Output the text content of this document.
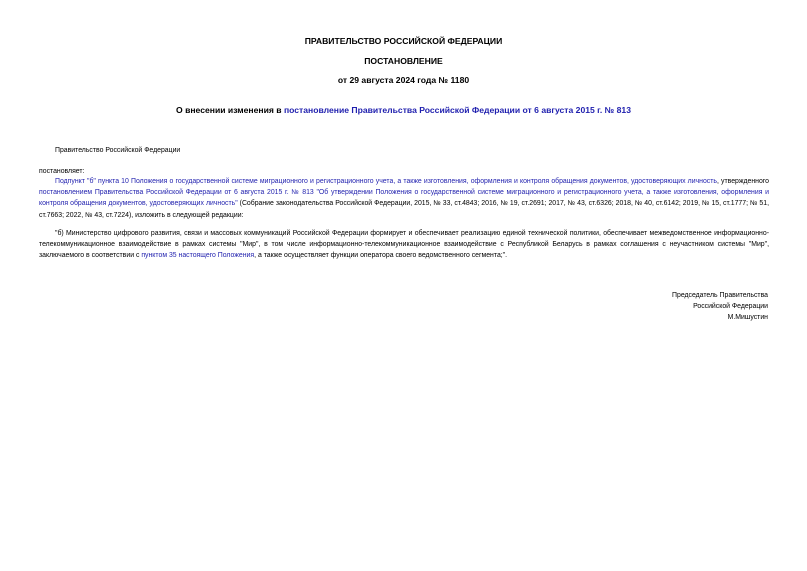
ПРАВИТЕЛЬСТВО РОССИЙСКОЙ ФЕДЕРАЦИИ
ПОСТАНОВЛЕНИЕ
от 29 августа 2024 года № 1180
О внесении изменения в постановление Правительства Российской Федерации от 6 августа 2015 г. № 813
Правительство Российской Федерации
постановляет:
Подпункт "б" пункта 10 Положения о государственной системе миграционного и регистрационного учета, а также изготовления, оформления и контроля обращения документов, удостоверяющих личность, утвержденного постановлением Правительства Российской Федерации от 6 августа 2015 г. № 813 "Об утверждении Положения о государственной системе миграционного и регистрационного учета, а также изготовления, оформления и контроля обращения документов, удостоверяющих личность" (Собрание законодательства Российской Федерации, 2015, № 33, ст.4843; 2016, № 19, ст.2691; 2017, № 43, ст.6326; 2018, № 40, ст.6142; 2019, № 15, ст.1777; № 51, ст.7663; 2022, № 43, ст.7224), изложить в следующей редакции:
"б) Министерство цифрового развития, связи и массовых коммуникаций Российской Федерации формирует и обеспечивает реализацию единой технической политики, обеспечивает межведомственное информационно-телекоммуникационное взаимодействие в рамках системы "Мир", в том числе информационно-телекоммуникационное взаимодействие с Республикой Беларусь в рамках соглашения с неучастником системы "Мир", заключаемого в соответствии с пунктом 35 настоящего Положения, а также осуществляет функции оператора своего ведомственного сегмента;".
Председатель Правительства
Российской Федерации
М.Мишустин
